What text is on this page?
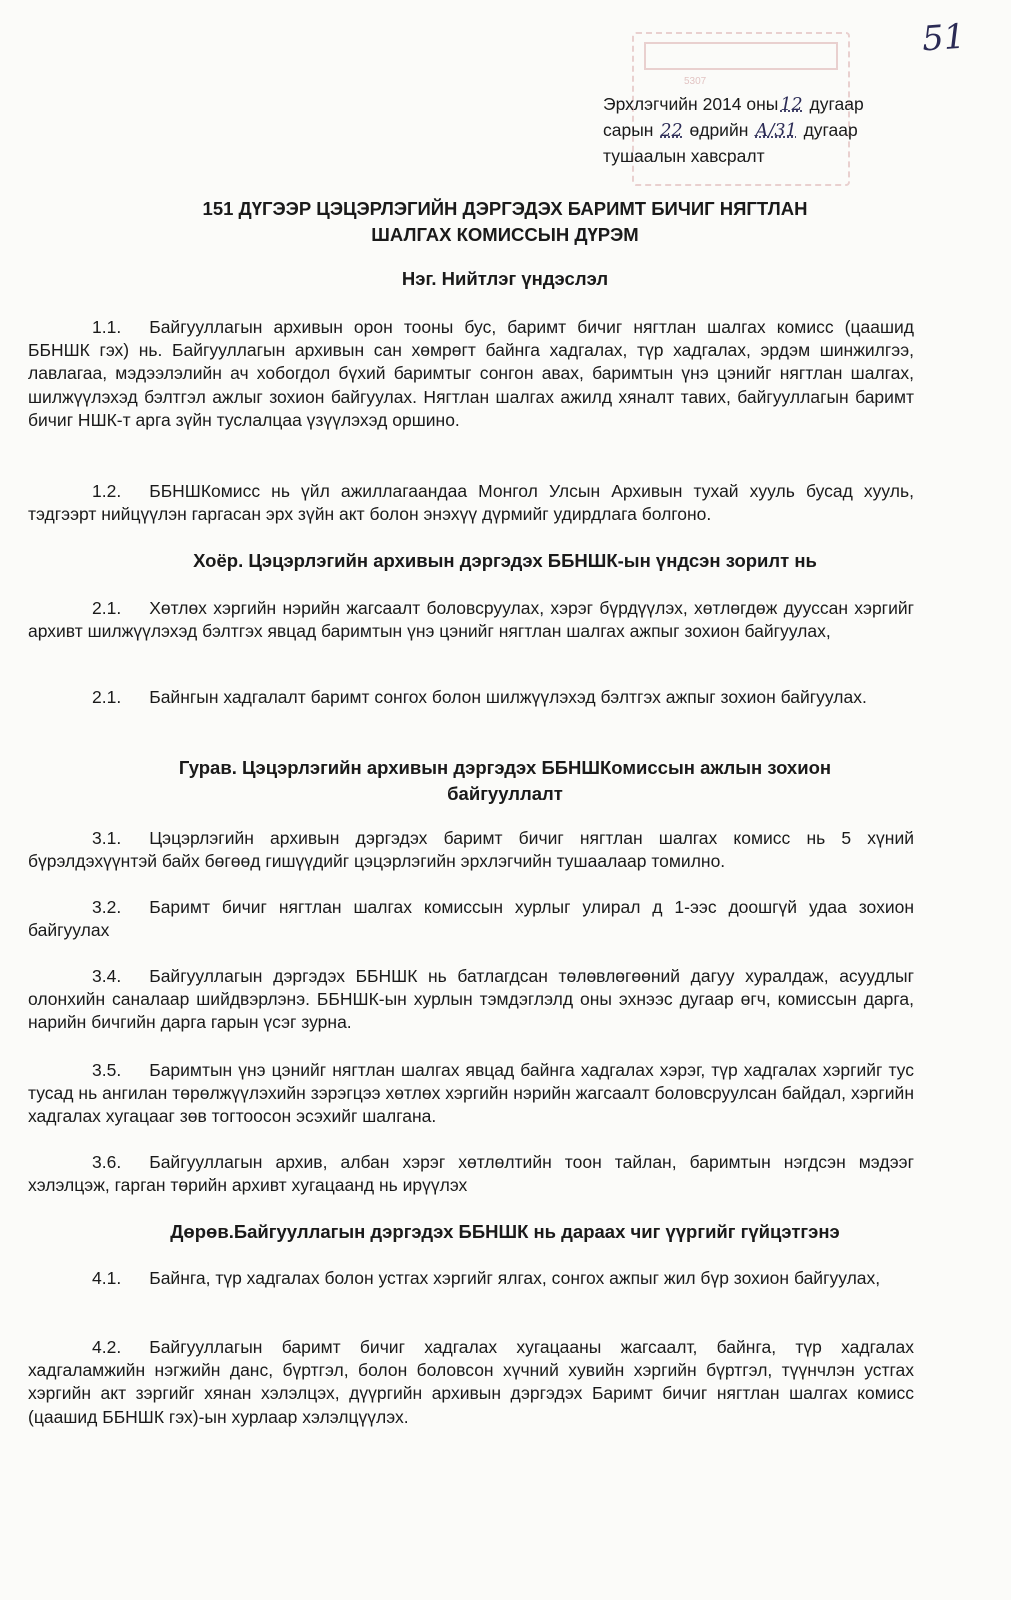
51
5307
Эрхлэгчийн 2014 оны 12 дугаар
сарын 22 өдрийн А/31 дугаар
тушаалын хавсралт
151 ДҮГЭЭР ЦЭЦЭРЛЭГИЙН ДЭРГЭДЭХ БАРИМТ БИЧИГ НЯГТЛАН
ШАЛГАХ КОМИССЫН ДҮРЭМ
Нэг. Нийтлэг үндэслэл
1.1. Байгууллагын архивын орон тооны бус, баримт бичиг нягтлан шалгах комисс (цаашид ББНШК гэх) нь. Байгууллагын архивын сан хөмрөгт байнга хадгалах, түр хадгалах, эрдэм шинжилгээ, лавлагаа, мэдээлэлийн ач хобогдол бүхий баримтыг сонгон авах, баримтын үнэ цэнийг нягтлан шалгах, шилжүүлэхэд бэлтгэл ажлыг зохион байгуулах. Нягтлан шалгах ажилд хяналт тавих, байгууллагын баримт бичиг НШК-т арга зүйн туслалцаа үзүүлэхэд оршино.
1.2. ББНШКомисс нь үйл ажиллагаандаа Монгол Улсын Архивын тухай хууль бусад хууль, тэдгээрт нийцүүлэн гаргасан эрх зүйн акт болон энэхүү дүрмийг удирдлага болгоно.
Хоёр. Цэцэрлэгийн архивын дэргэдэх ББНШК-ын үндсэн зорилт нь
2.1. Хөтлөх хэргийн нэрийн жагсаалт боловсруулах, хэрэг бүрдүүлэх, хөтлөгдөж дууссан хэргийг архивт шилжүүлэхэд бэлтгэх явцад баримтын үнэ цэнийг нягтлан шалгах ажпыг зохион байгуулах,
2.1. Байнгын хадгалалт баримт сонгох болон шилжүүлэхэд бэлтгэх ажпыг зохион байгуулах.
Гурав. Цэцэрлэгийн архивын дэргэдэх ББНШКомиссын ажлын зохион байгууллалт
3.1. Цэцэрлэгийн архивын дэргэдэх баримт бичиг нягтлан шалгах комисс нь 5 хүний бүрэлдэхүүнтэй байх бөгөөд гишүүдийг цэцэрлэгийн эрхлэгчийн тушаалаар томилно.
3.2. Баримт бичиг нягтлан шалгах комиссын хурлыг улирал д 1-ээс доошгүй удаа зохион байгуулах
3.4. Байгууллагын дэргэдэх ББНШК нь батлагдсан төлөвлөгөөний дагуу хуралдаж, асуудлыг олонхийн саналаар шийдвэрлэнэ. ББНШК-ын хурлын тэмдэглэлд оны эхнээс дугаар өгч, комиссын дарга, нарийн бичгийн дарга гарын үсэг зурна.
3.5. Баримтын үнэ цэнийг нягтлан шалгах явцад байнга хадгалах хэрэг, түр хадгалах хэргийг тус тусад нь ангилан төрөлжүүлэхийн зэрэгцээ хөтлөх хэргийн нэрийн жагсаалт боловсруулсан байдал, хэргийн хадгалах хугацааг зөв тогтоосон эсэхийг шалгана.
3.6. Байгууллагын архив, албан хэрэг хөтлөлтийн тоон тайлан, баримтын нэгдсэн мэдээг хэлэлцэж, гарган төрийн архивт хугацаанд нь ирүүлэх
Дөрөв.Байгууллагын дэргэдэх ББНШК нь дараах чиг үүргийг гүйцэтгэнэ
4.1. Байнга, түр хадгалах болон устгах хэргийг ялгах, сонгох ажпыг жил бүр зохион байгуулах,
4.2. Байгууллагын баримт бичиг хадгалах хугацааны жагсаалт, байнга, түр хадгалах хадгаламжийн нэгжийн данс, бүртгэл, болон боловсон хүчний хувийн хэргийн бүртгэл, түүнчлэн устгах хэргийн акт зэргийг хянан хэлэлцэх, дүүргийн архивын дэргэдэх Баримт бичиг нягтлан шалгах комисс (цаашид ББНШК гэх)-ын хурлаар хэлэлцүүлэх.
